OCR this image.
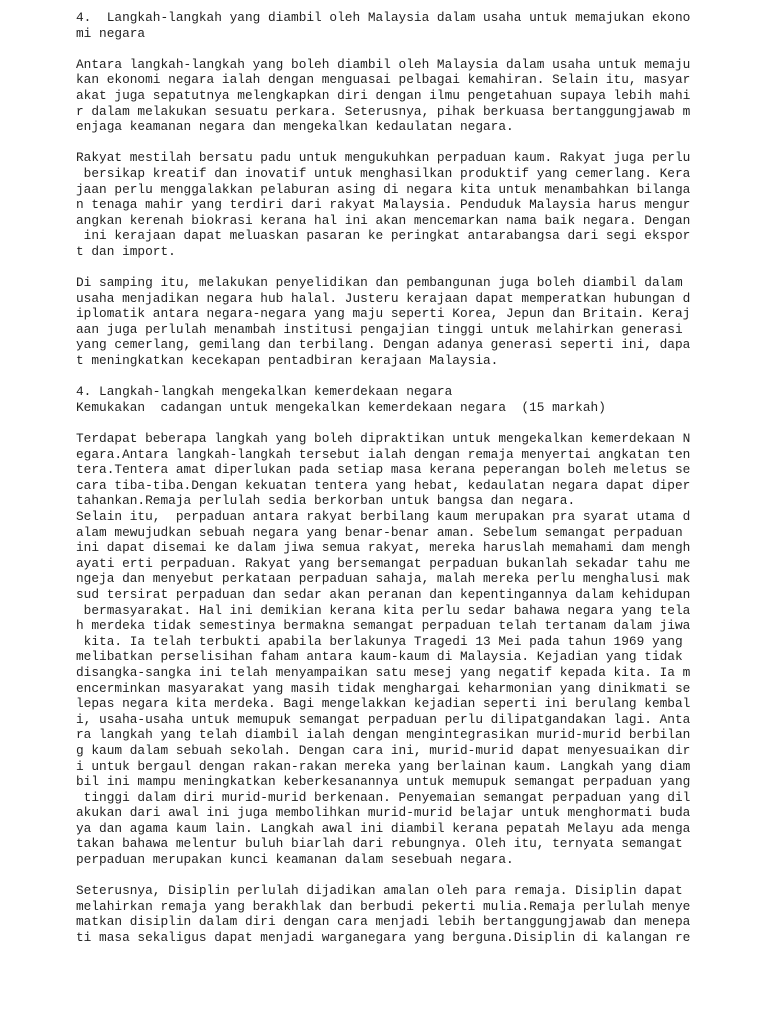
4.  Langkah-langkah yang diambil oleh Malaysia dalam usaha untuk memajukan ekono
mi negara
Antara langkah-langkah yang boleh diambil oleh Malaysia dalam usaha untuk memaju
kan ekonomi negara ialah dengan menguasai pelbagai kemahiran. Selain itu, masyar
akat juga sepatutnya melengkapkan diri dengan ilmu pengetahuan supaya lebih mahi
r dalam melakukan sesuatu perkara. Seterusnya, pihak berkuasa bertanggungjawab m
enjaga keamanan negara dan mengekalkan kedaulatan negara.
Rakyat mestilah bersatu padu untuk mengukuhkan perpaduan kaum. Rakyat juga perlu
bersikap kreatif dan inovatif untuk menghasilkan produktif yang cemerlang. Kera
jaan perlu menggalakkan pelaburan asing di negara kita untuk menambahkan bilanga
n tenaga mahir yang terdiri dari rakyat Malaysia. Penduduk Malaysia harus mengur
angkan kerenah biokrasi kerana hal ini akan mencemarkan nama baik negara. Dengan
ini kerajaan dapat meluaskan pasaran ke peringkat antarabangsa dari segi ekspor
t dan import.
Di samping itu, melakukan penyelidikan dan pembangunan juga boleh diambil dalam
usaha menjadikan negara hub halal. Justeru kerajaan dapat memperatkan hubungan d
iplomatik antara negara-negara yang maju seperti Korea, Jepun dan Britain. Keraj
aan juga perlulah menambah institusi pengajian tinggi untuk melahirkan generasi
yang cemerlang, gemilang dan terbilang. Dengan adanya generasi seperti ini, dapa
t meningkatkan kecekapan pentadbiran kerajaan Malaysia.
4. Langkah-langkah mengekalkan kemerdekaan negara
Kemukakan  cadangan untuk mengekalkan kemerdekaan negara  (15 markah)
Terdapat beberapa langkah yang boleh dipraktikan untuk mengekalkan kemerdekaan N
egara.Antara langkah-langkah tersebut ialah dengan remaja menyertai angkatan ten
tera.Tentera amat diperlukan pada setiap masa kerana peperangan boleh meletus se
cara tiba-tiba.Dengan kekuatan tentera yang hebat, kedaulatan negara dapat diper
tahankan.Remaja perlulah sedia berkorban untuk bangsa dan negara.
Selain itu,  perpaduan antara rakyat berbilang kaum merupakan pra syarat utama d
alam mewujudkan sebuah negara yang benar-benar aman. Sebelum semangat perpaduan
ini dapat disemai ke dalam jiwa semua rakyat, mereka haruslah memahami dam mengh
ayati erti perpaduan. Rakyat yang bersemangat perpaduan bukanlah sekadar tahu me
ngeja dan menyebut perkataan perpaduan sahaja, malah mereka perlu menghalusi mak
sud tersirat perpaduan dan sedar akan peranan dan kepentingannya dalam kehidupan
bermasyarakat. Hal ini demikian kerana kita perlu sedar bahawa negara yang tela
h merdeka tidak semestinya bermakna semangat perpaduan telah tertanam dalam jiwa
kita. Ia telah terbukti apabila berlakunya Tragedi 13 Mei pada tahun 1969 yang
melibatkan perselisihan faham antara kaum-kaum di Malaysia. Kejadian yang tidak
disangka-sangka ini telah menyampaikan satu mesej yang negatif kepada kita. Ia m
encerminkan masyarakat yang masih tidak menghargai keharmonian yang dinikmati se
lepas negara kita merdeka. Bagi mengelakkan kejadian seperti ini berulang kembal
i, usaha-usaha untuk memupuk semangat perpaduan perlu dilipatgandakan lagi. Anta
ra langkah yang telah diambil ialah dengan mengintegrasikan murid-murid berbilan
g kaum dalam sebuah sekolah. Dengan cara ini, murid-murid dapat menyesuaikan dir
i untuk bergaul dengan rakan-rakan mereka yang berlainan kaum. Langkah yang diam
bil ini mampu meningkatkan keberkesanannya untuk memupuk semangat perpaduan yang
tinggi dalam diri murid-murid berkenaan. Penyemaian semangat perpaduan yang dil
akukan dari awal ini juga membolihkan murid-murid belajar untuk menghormati buda
ya dan agama kaum lain. Langkah awal ini diambil kerana pepatah Melayu ada menga
takan bahawa melentur buluh biarlah dari rebungnya. Oleh itu, ternyata semangat
perpaduan merupakan kunci keamanan dalam sesebuah negara.
Seterusnya, Disiplin perlulah dijadikan amalan oleh para remaja. Disiplin dapat
melahirkan remaja yang berakhlak dan berbudi pekerti mulia.Remaja perlulah menye
matkan disiplin dalam diri dengan cara menjadi lebih bertanggungjawab dan menepa
ti masa sekaligus dapat menjadi warganegara yang berguna.Disiplin di kalangan re
